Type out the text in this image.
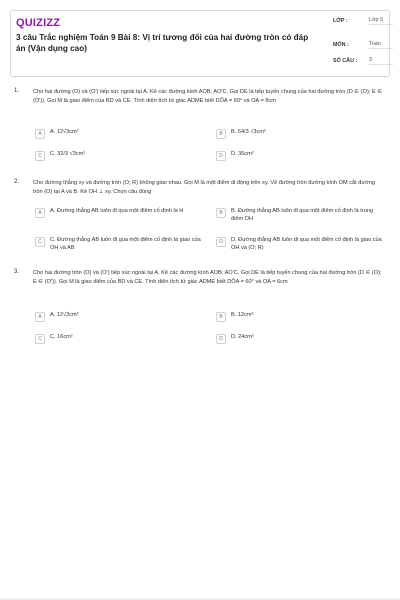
QUIZIZZ
3 câu Trắc nghiệm Toán 9 Bài 8: Vị trí tương đối của hai đường tròn có đáp án (Vận dụng cao)
LỚP :	Lớp 9
MÔN :	Toán
SỐ CÂU : 3
1. Cho hai đường (O) và (O') tiếp xúc ngoài tại A. Kẻ các đường kính AOB; AO'C. Gọi DE là tiếp tuyến chung của hai đường tròn (D ∈ (O); E ∈ (O')). Gọi M là giao điểm của BD và CE. Tính diện tích tứ giác ADME biết DÔA = 60° và OA = 8cm
A	A. 12√3cm²	B	B. 64/3 √3cm²
C	C. 32/3 √3cm²	D	D. 36cm²
2. Cho đường thẳng xy và đường tròn (O; R) không giao nhau. Gọi M là một điểm di động trên xy. Vẽ đường tròn đường kính OM cắt đường tròn (O) tại A và B. Kẻ OH ⊥ xy. Chọn câu đúng
A	A. Đường thẳng AB luôn đi qua một điểm cố định là H	B	B. Đường thẳng AB luôn đi qua một điểm cố định là trung điểm OH
C	C. Đường thẳng AB luôn đi qua một điểm cố định là giao của OH và AB
D	D. Đường thẳng AB luôn đi qua một điểm cố định là giao của OH và (O; R)
3. Cho hai đường tròn (O) và (O') tiếp xúc ngoài tại A. Kẻ các đường kính AOB; AO'C. Gọi DE là tiếp tuyến chung của hai đường tròn (D ∈ (O); E ∈ (O')). Gọi M là giao điểm của BD và CE. Tính diện tích tứ giác ADME biết DÔA = 60° và OA = 6cm
A	A. 12√3cm²	B	B. 12cm²
C	C. 16cm²	D	D. 24cm²
